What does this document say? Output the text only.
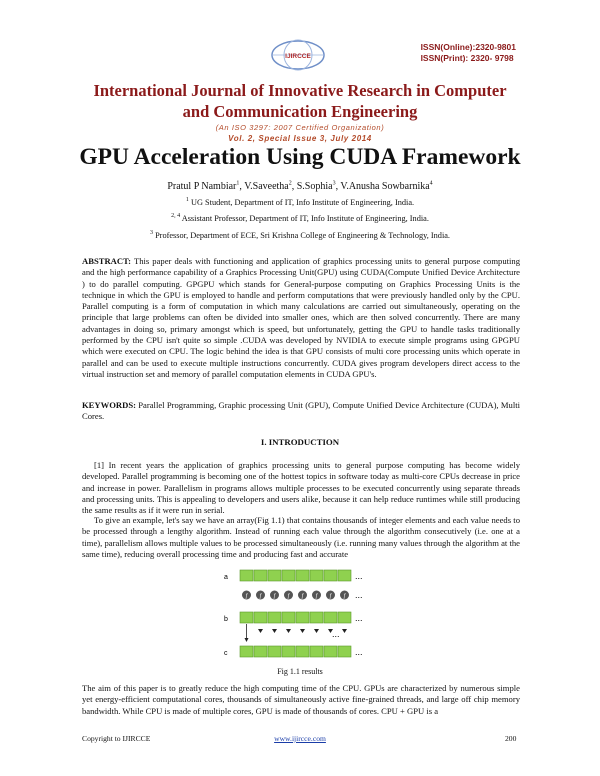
IJIRCCE
ISSN(Online):2320-9801
ISSN(Print): 2320- 9798
International Journal of Innovative Research in Computer
and Communication Engineering
(An ISO 3297: 2007 Certified Organization)
Vol. 2, Special Issue 3, July 2014
GPU Acceleration Using CUDA Framework
Pratul P Nambiar$^1$, V.Saveetha$^2$, S.Sophia$^3$, V.Anusha Sowbarnika$^4$
$^1$ UG Student, Department of IT, Info Institute of Engineering, India.
$^{2, 4}$ Assistant Professor, Department of IT, Info Institute of Engineering, India.
$^3$ Professor, Department of ECE, Sri Krishna College of Engineering & Technology, India.
ABSTRACT: This paper deals with functioning and application of graphics processing units to general purpose computing and the high performance capability of a Graphics Processing Unit(GPU) using CUDA(Compute Unified Device Architecture ) to do parallel computing. GPGPU which stands for General-purpose computing on Graphics Processing Units is the technique in which the GPU is employed to handle and perform computations that were previously handled only by the CPU. Parallel computing is a form of computation in which many calculations are carried out simultaneously, operating on the principle that large problems can often be divided into smaller ones, which are then solved concurrently. There are many advantages in doing so, primary amongst which is speed, but unfortunately, getting the GPU to handle tasks traditionally performed by the CPU isn't quite so simple .CUDA was developed by NVIDIA to execute simple programs using GPGPU which were executed on CPU. The logic behind the idea is that GPU consists of multi core processing units which operate in parallel and can be used to execute multiple instructions concurrently. CUDA gives program developers direct access to the virtual instruction set and memory of parallel computation elements in CUDA GPU's.
KEYWORDS: Parallel Programming, Graphic processing Unit (GPU), Compute Unified Device Architecture (CUDA), Multi Cores.
I. INTRODUCTION
[1] In recent years the application of graphics processing units to general purpose computing has become widely developed. Parallel programming is becoming one of the hottest topics in software today as multi-core CPUs decrease in price and increase in power. Parallelism in programs allows multiple processes to be executed concurrently using separate threads and processing units. This is appealing to developers and users alike, because it can help reduce runtimes while still producing the same results as if it were run in serial.
To give an example, let's say we have an array(Fig 1.1) that contains thousands of integer elements and each value needs to be processed through a lengthy algorithm. Instead of running each value through the algorithm consecutively (i.e. one at a time), parallelism allows multiple values to be processed simultaneously (i.e. running many values through the algorithm at the same time), reducing overall processing time and producing fast and accurate
a
b
c
...
f f f f f f f f ...
...
...
...
Fig 1.1 results
The aim of this paper is to greatly reduce the high computing time of the CPU. GPUs are characterized by numerous simple yet energy-efficient computational cores, thousands of simultaneously active fine-grained threads, and large off chip memory bandwidth. While CPU is made of multiple cores, GPU is made of thousands of cores. CPU + GPU is a
Copyright to IJIRCCE	www.ijircce.com	200
